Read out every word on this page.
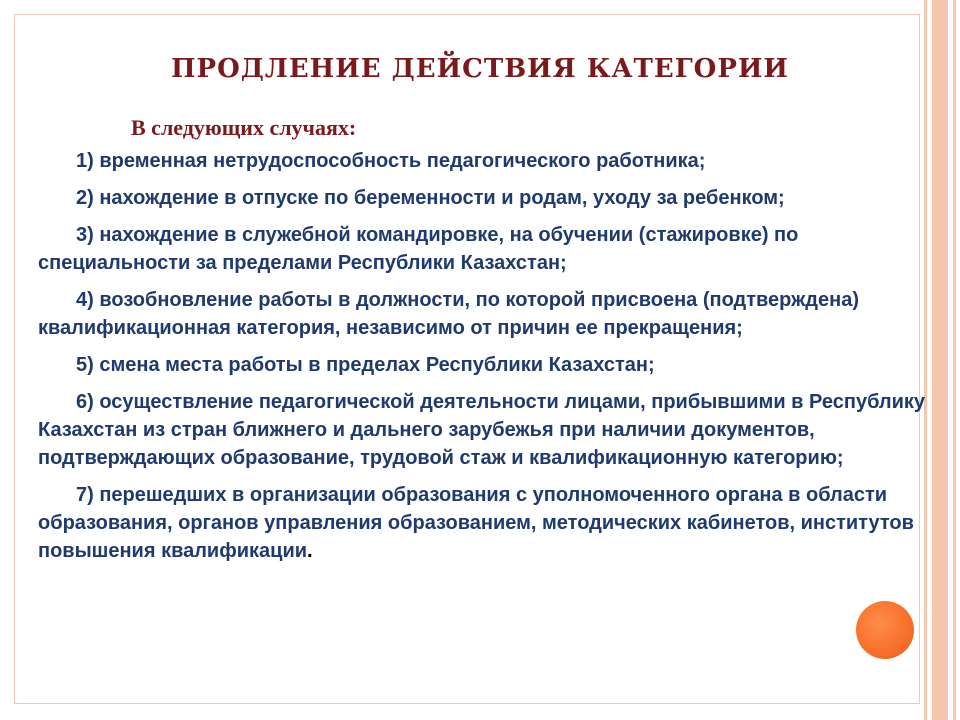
ПРОДЛЕНИЕ ДЕЙСТВИЯ КАТЕГОРИИ
В следующих случаях:

1) временная нетрудоспособность педагогического работника;

2) нахождение в отпуске по беременности и родам, уходу за ребенком;

3) нахождение в служебной командировке, на обучении (стажировке) по специальности за пределами Республики Казахстан;

4) возобновление работы в должности, по которой присвоена (подтверждена) квалификационная категория, независимо от причин ее прекращения;

5) смена места работы в пределах Республики Казахстан;

6) осуществление педагогической деятельности лицами, прибывшими в Республику Казахстан из стран ближнего и дальнего зарубежья при наличии документов, подтверждающих образование, трудовой стаж и квалификационную категорию;

7) перешедших в организации образования с уполномоченного органа в области образования, органов управления образованием, методических кабинетов, институтов повышения квалификации.
